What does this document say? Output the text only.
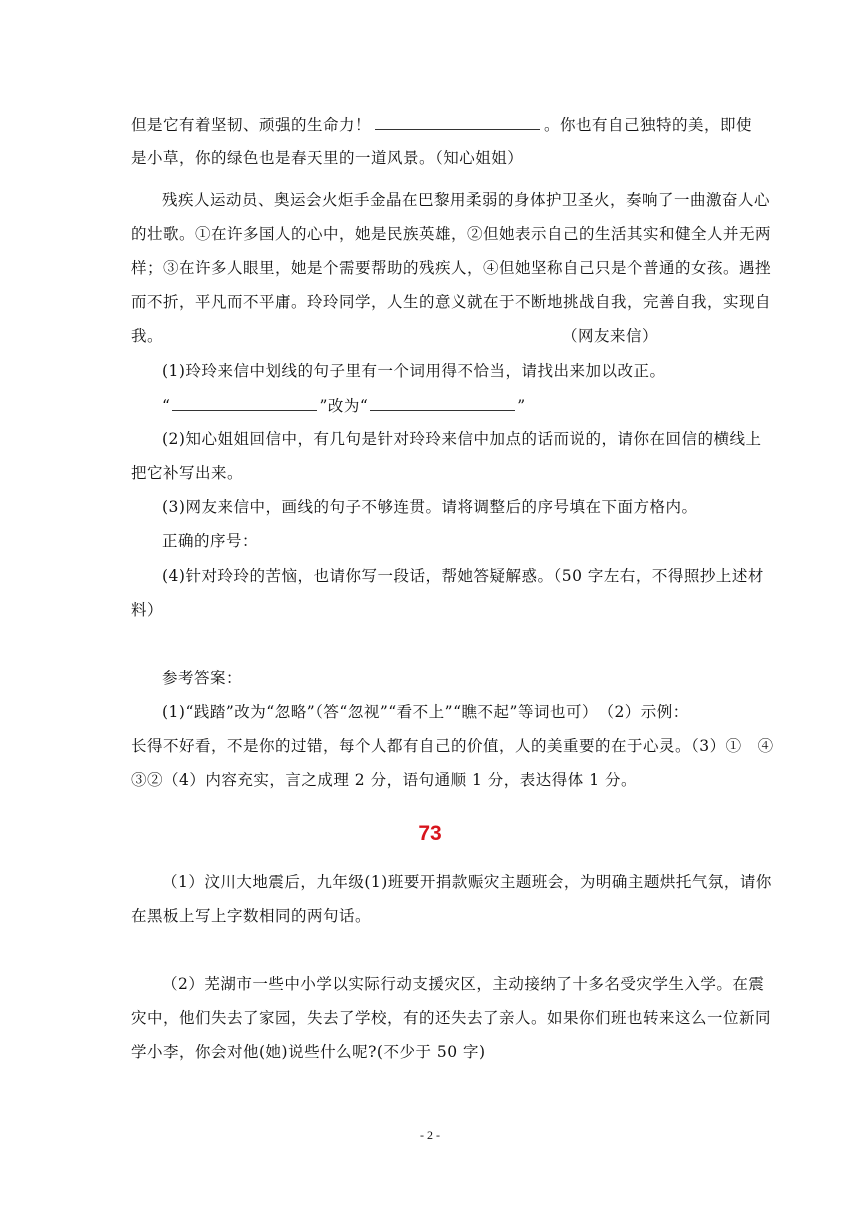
但是它有着坚韧、顽强的生命力！	。你也有自己独特的美，即使
是小草，你的绿色也是春天里的一道风景。（知心姐姐）
残疾人运动员、奥运会火炬手金晶在巴黎用柔弱的身体护卫圣火，奏响了一曲激奋人心
的壮歌。①在许多国人的心中，她是民族英雄，②但她表示自己的生活其实和健全人并无两
样；③在许多人眼里，她是个需要帮助的残疾人，④但她坚称自己只是个普通的女孩。遇挫
而不折，平凡而不平庸。玲玲同学，人生的意义就在于不断地挑战自我，完善自我，实现自
我。	（网友来信）
(1)玲玲来信中划线的句子里有一个词用得不恰当，请找出来加以改正。
“	”改为“	”
(2)知心姐姐回信中，有几句是针对玲玲来信中加点的话而说的，请你在回信的横线上
把它补写出来。
(3)网友来信中，画线的句子不够连贯。请将调整后的序号填在下面方格内。
正确的序号：
(4)针对玲玲的苦恼，也请你写一段话，帮她答疑解惑。（50 字左右，不得照抄上述材
料）
参考答案：
(1)“践踏”改为“忽略”（答“忽视”“看不上”“瞧不起”等词也可）　（2）示例：
长得不好看，不是你的过错，每个人都有自己的价值，人的美重要的在于心灵。（3）①　④
③②（4）内容充实，言之成理 2 分，语句通顺 1 分，表达得体 1 分。
73
（1）汶川大地震后，九年级(1)班要开捐款赈灾主题班会，为明确主题烘托气氛，请你
在黑板上写上字数相同的两句话。
（2）芜湖市一些中小学以实际行动支援灾区，主动接纳了十多名受灾学生入学。在震
灾中，他们失去了家园，失去了学校，有的还失去了亲人。如果你们班也转来这么一位新同
学小李，你会对他(她)说些什么呢?(不少于 50 字)
- 2 -
